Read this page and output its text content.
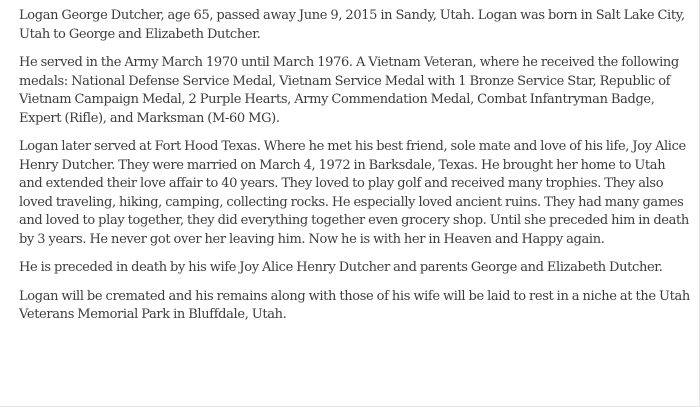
Logan George Dutcher, age 65, passed away June 9, 2015 in Sandy, Utah. Logan was born in Salt Lake City, Utah to George and Elizabeth Dutcher.

He served in the Army March 1970 until March 1976. A Vietnam Veteran, where he received the following medals: National Defense Service Medal, Vietnam Service Medal with 1 Bronze Service Star, Republic of Vietnam Campaign Medal, 2 Purple Hearts, Army Commendation Medal, Combat Infantryman Badge, Expert (Rifle), and Marksman (M-60 MG).

Logan later served at Fort Hood Texas. Where he met his best friend, sole mate and love of his life, Joy Alice Henry Dutcher. They were married on March 4, 1972 in Barksdale, Texas. He brought her home to Utah and extended their love affair to 40 years. They loved to play golf and received many trophies. They also loved traveling, hiking, camping, collecting rocks. He especially loved ancient ruins. They had many games and loved to play together, they did everything together even grocery shop. Until she preceded him in death by 3 years. He never got over her leaving him. Now he is with her in Heaven and Happy again.

He is preceded in death by his wife Joy Alice Henry Dutcher and parents George and Elizabeth Dutcher.

Logan will be cremated and his remains along with those of his wife will be laid to rest in a niche at the Utah Veterans Memorial Park in Bluffdale, Utah.
